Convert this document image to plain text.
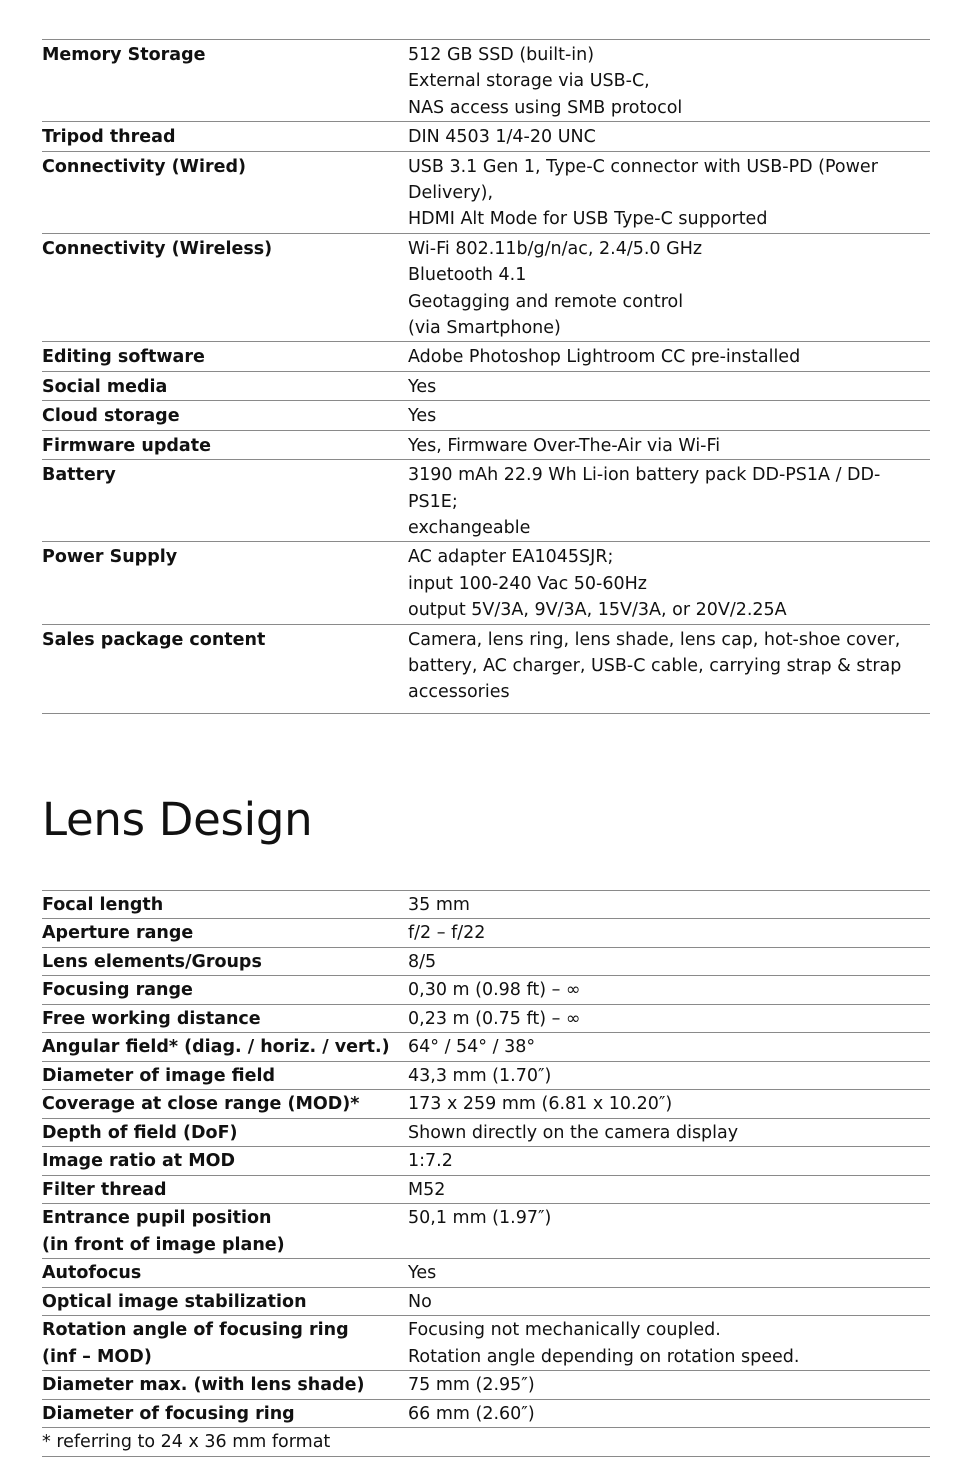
Memory Storage	512 GB SSD (built-in)
External storage via USB-C,
NAS access using SMB protocol

Tripod thread	DIN 4503 1/4-20 UNC

Connectivity (Wired)	USB 3.1 Gen 1, Type-C connector with USB-PD (Power
Delivery),
HDMI Alt Mode for USB Type-C supported

Connectivity (Wireless)	Wi-Fi 802.11b/g/n/ac, 2.4/5.0 GHz
Bluetooth 4.1
Geotagging and remote control
(via Smartphone)

Editing software	Adobe Photoshop Lightroom CC pre-installed

Social media	Yes

Cloud storage	Yes

Firmware update	Yes, Firmware Over-The-Air via Wi-Fi

Battery	3190 mAh 22.9 Wh Li-ion battery pack DD-PS1A / DD-PS1E;
exchangeable

Power Supply	AC adapter EA1045SJR;
input 100-240 Vac 50-60Hz
output 5V/3A, 9V/3A, 15V/3A, or 20V/2.25A

Sales package content	Camera, lens ring, lens shade, lens cap, hot-shoe cover,
battery, AC charger, USB-C cable, carrying strap & strap
accessories
Lens Design
Focal length	35 mm
Aperture range	f/2 – f/22
Lens elements/Groups	8/5
Focusing range	0,30 m (0.98 ft) – ∞
Free working distance	0,23 m (0.75 ft) – ∞
Angular field* (diag. / horiz. / vert.)	64° / 54° / 38°
Diameter of image field	43,3 mm (1.70″)
Coverage at close range (MOD)*	173 x 259 mm (6.81 x 10.20″)
Depth of field (DoF)	Shown directly on the camera display
Image ratio at MOD	1:7.2
Filter thread	M52
Entrance pupil position
(in front of image plane)	50,1 mm (1.97″)
Autofocus	Yes
Optical image stabilization	No
Rotation angle of focusing ring
(inf – MOD)	Focusing not mechanically coupled.
Rotation angle depending on rotation speed.
Diameter max. (with lens shade)	75 mm (2.95″)
Diameter of focusing ring	66 mm (2.60″)
* referring to 24 x 36 mm format	
